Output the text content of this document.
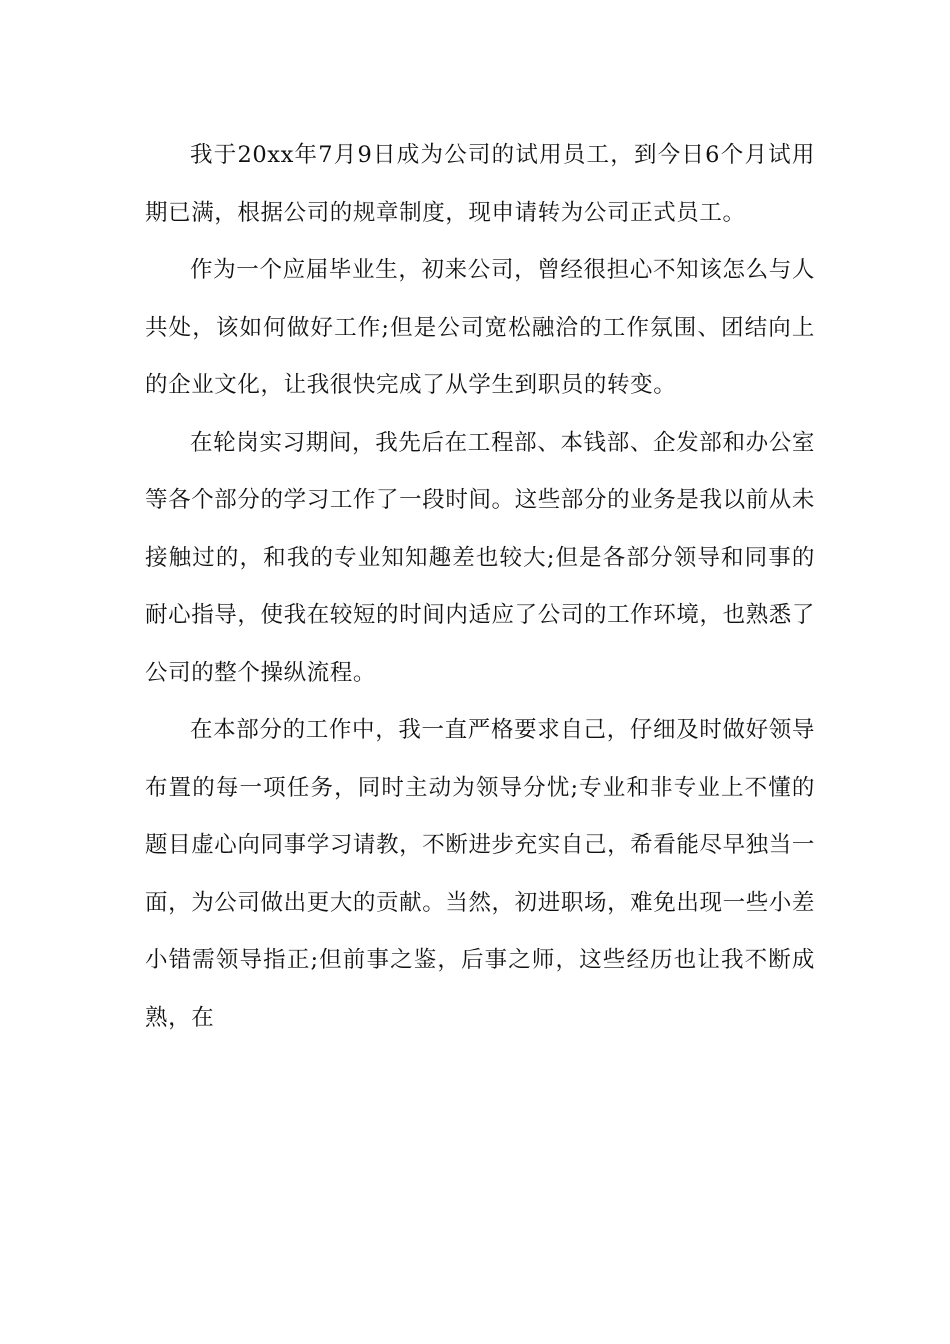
我于20xx年7月9日成为公司的试用员工，到今日6个月试用期已满，根据公司的规章制度，现申请转为公司正式员工。

作为一个应届毕业生，初来公司，曾经很担心不知该怎么与人共处，该如何做好工作;但是公司宽松融洽的工作氛围、团结向上的企业文化，让我很快完成了从学生到职员的转变。

在轮岗实习期间，我先后在工程部、本钱部、企发部和办公室等各个部分的学习工作了一段时间。这些部分的业务是我以前从未接触过的，和我的专业知知趣差也较大;但是各部分领导和同事的耐心指导，使我在较短的时间内适应了公司的工作环境，也熟悉了公司的整个操纵流程。

在本部分的工作中，我一直严格要求自己，仔细及时做好领导布置的每一项任务，同时主动为领导分忧;专业和非专业上不懂的题目虚心向同事学习请教，不断进步充实自己，希看能尽早独当一面，为公司做出更大的贡献。当然，初进职场，难免出现一些小差小错需领导指正;但前事之鉴，后事之师，这些经历也让我不断成熟，在
